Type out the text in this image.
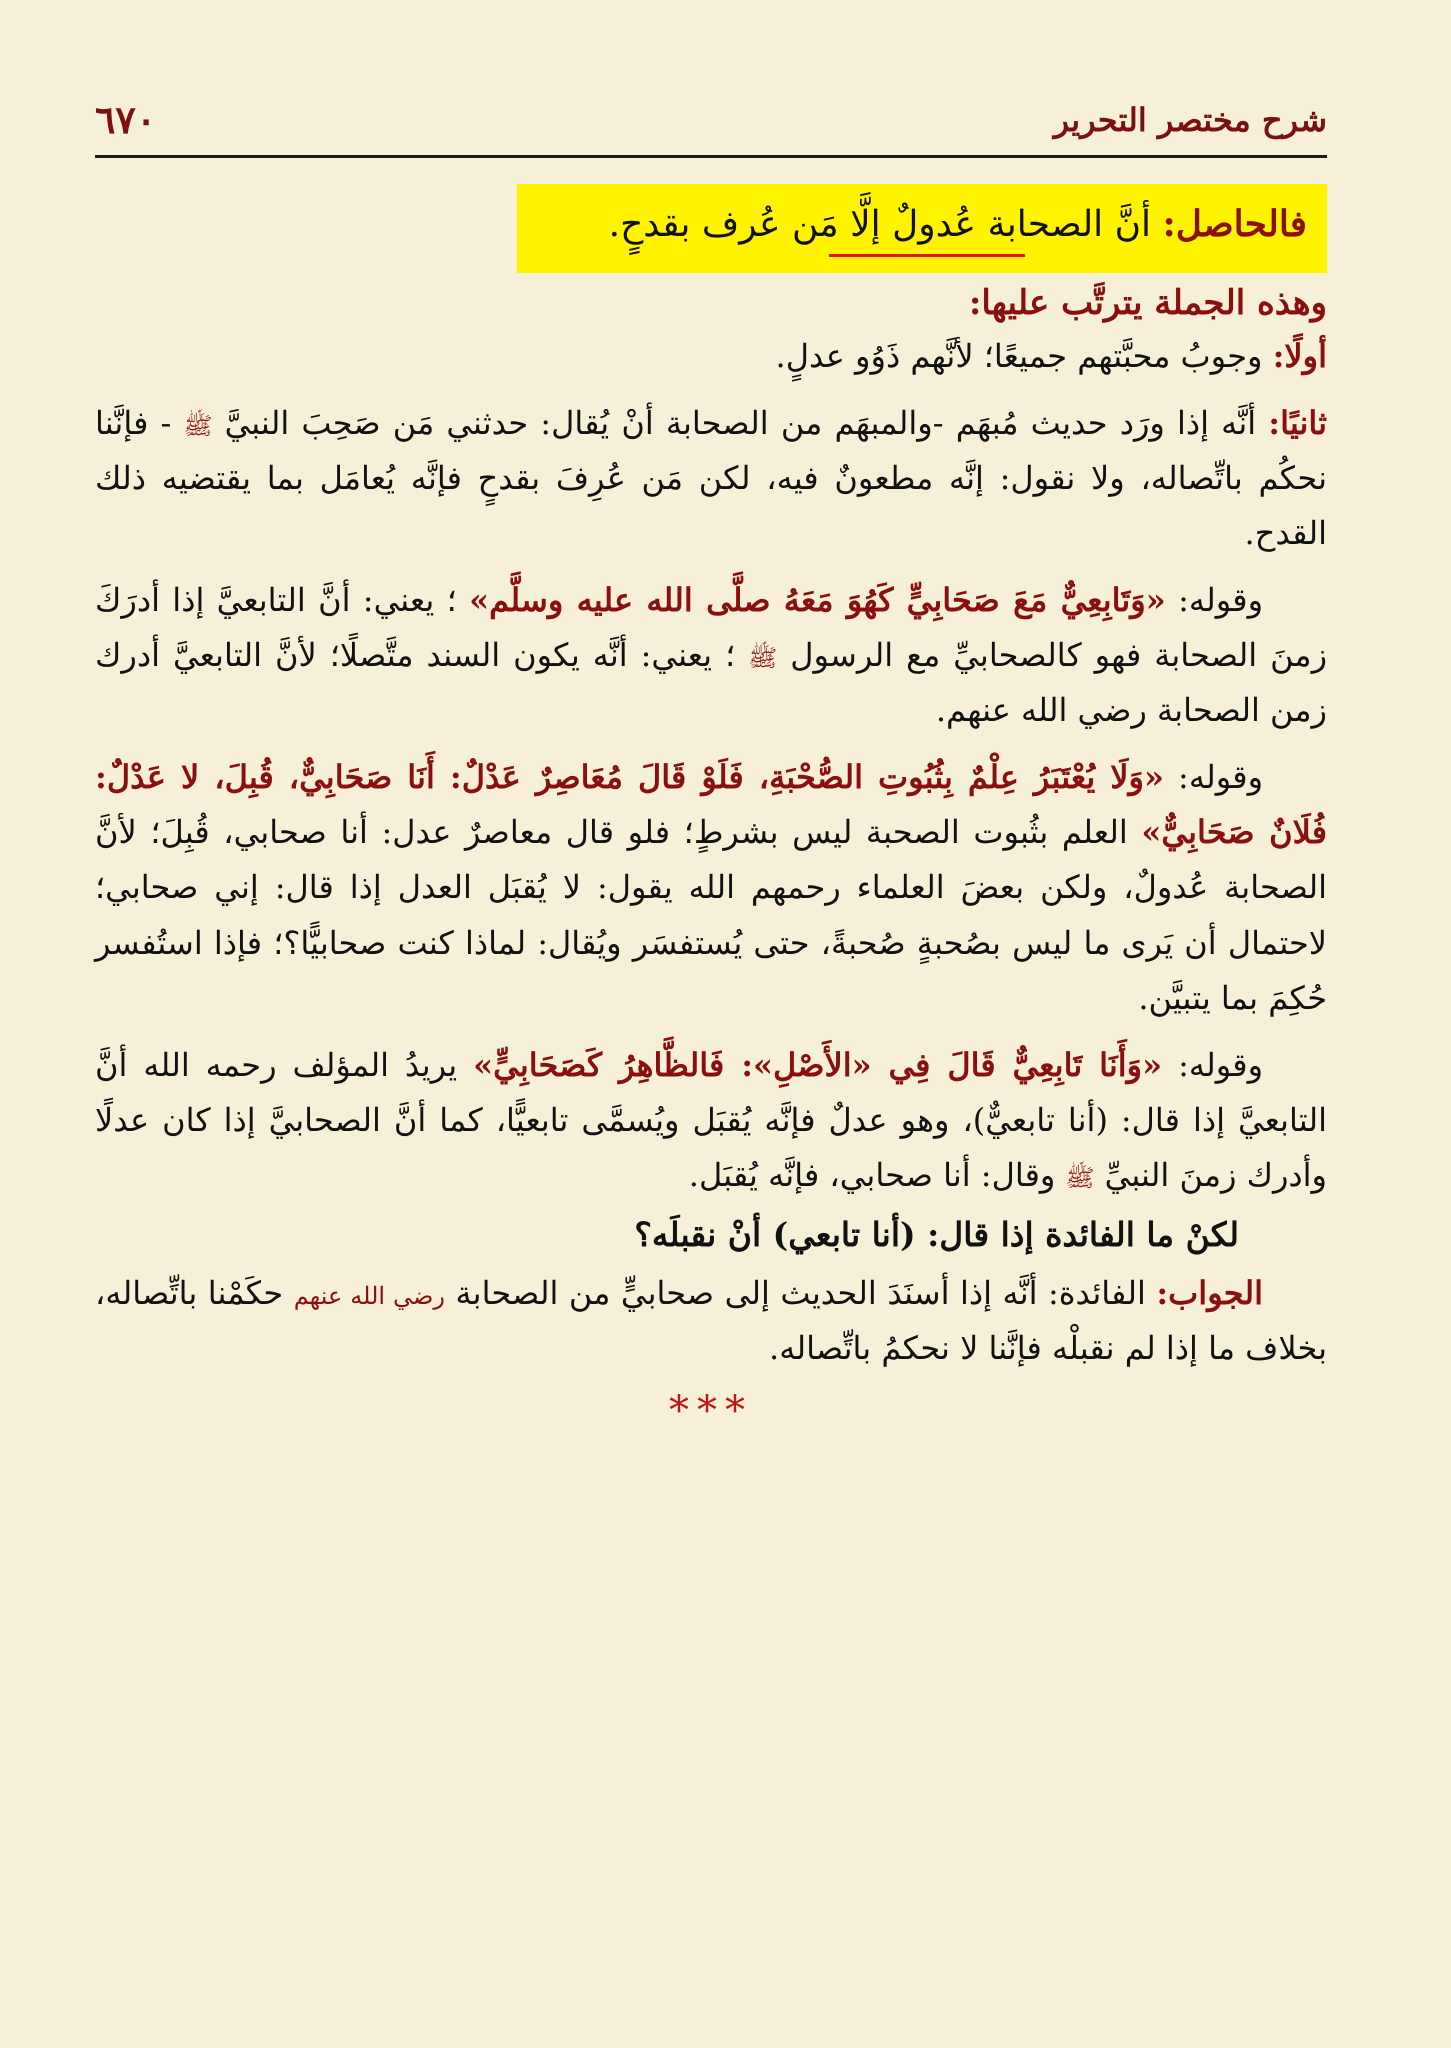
شرح مختصر التحرير
٦٧٠
فالحاصل: أنَّ الصحابة عُدولٌ إلَّا مَن عُرف بقدحٍ.
وهذه الجملة يترتَّب عليها:

أولًا: وجوبُ محبَّتهم جميعًا؛ لأنَّهم ذَوُو عدلٍ.

ثانيًا: أنَّه إذا ورَد حديث مُبهَم -والمبهَم من الصحابة أنْ يُقال: حدثني مَن صَحِبَ النبيَّ ﷺ - فإنَّنا نحكُم باتِّصاله، ولا نقول: إنَّه مطعونٌ فيه، لكن مَن عُرِفَ بقدحٍ فإنَّه يُعامَل بما يقتضيه ذلك القدح.

وقوله: «وَتَابِعِيٌّ مَعَ صَحَابِيٍّ كَهُوَ مَعَهُ صلَّى الله عليه وسلَّم» ؛ يعني: أنَّ التابعيَّ إذا أدرَكَ زمنَ الصحابة فهو كالصحابيِّ مع الرسول ﷺ ؛ يعني: أنَّه يكون السند متَّصلًا؛ لأنَّ التابعيَّ أدرك زمن الصحابة رضي الله عنهم.

وقوله: «وَلَا يُعْتَبَرُ عِلْمٌ بِثُبُوتِ الصُّحْبَةِ، فَلَوْ قَالَ مُعَاصِرٌ عَدْلٌ: أَنَا صَحَابِيٌّ، قُبِلَ، لا عَدْلٌ: فُلَانٌ صَحَابِيٌّ» العلم بثُبوت الصحبة ليس بشرطٍ؛ فلو قال معاصرٌ عدل: أنا صحابي، قُبِلَ؛ لأنَّ الصحابة عُدولٌ، ولكن بعضَ العلماء رحمهم الله يقول: لا يُقبَل العدل إذا قال: إني صحابي؛ لاحتمال أن يَرى ما ليس بصُحبةٍ صُحبةً، حتى يُستفسَر ويُقال: لماذا كنت صحابيًّا؟؛ فإذا استُفسر حُكِمَ بما يتبيَّن.

وقوله: «وَأَنَا تَابِعِيٌّ قَالَ فِي «الأَصْلِ»: فَالظَّاهِرُ كَصَحَابِيٍّ» يريدُ المؤلف رحمه الله أنَّ التابعيَّ إذا قال: (أنا تابعيٌّ)، وهو عدلٌ فإنَّه يُقبَل ويُسمَّى تابعيًّا، كما أنَّ الصحابيَّ إذا كان عدلًا وأدرك زمنَ النبيِّ ﷺ وقال: أنا صحابي، فإنَّه يُقبَل.

لكنْ ما الفائدة إذا قال: (أنا تابعي) أنْ نقبلَه؟

الجواب: الفائدة: أنَّه إذا أسنَدَ الحديث إلى صحابيٍّ من الصحابة رضي الله عنهم حكَمْنا باتِّصاله، بخلاف ما إذا لم نقبلْه فإنَّنا لا نحكمُ باتِّصاله.

***
